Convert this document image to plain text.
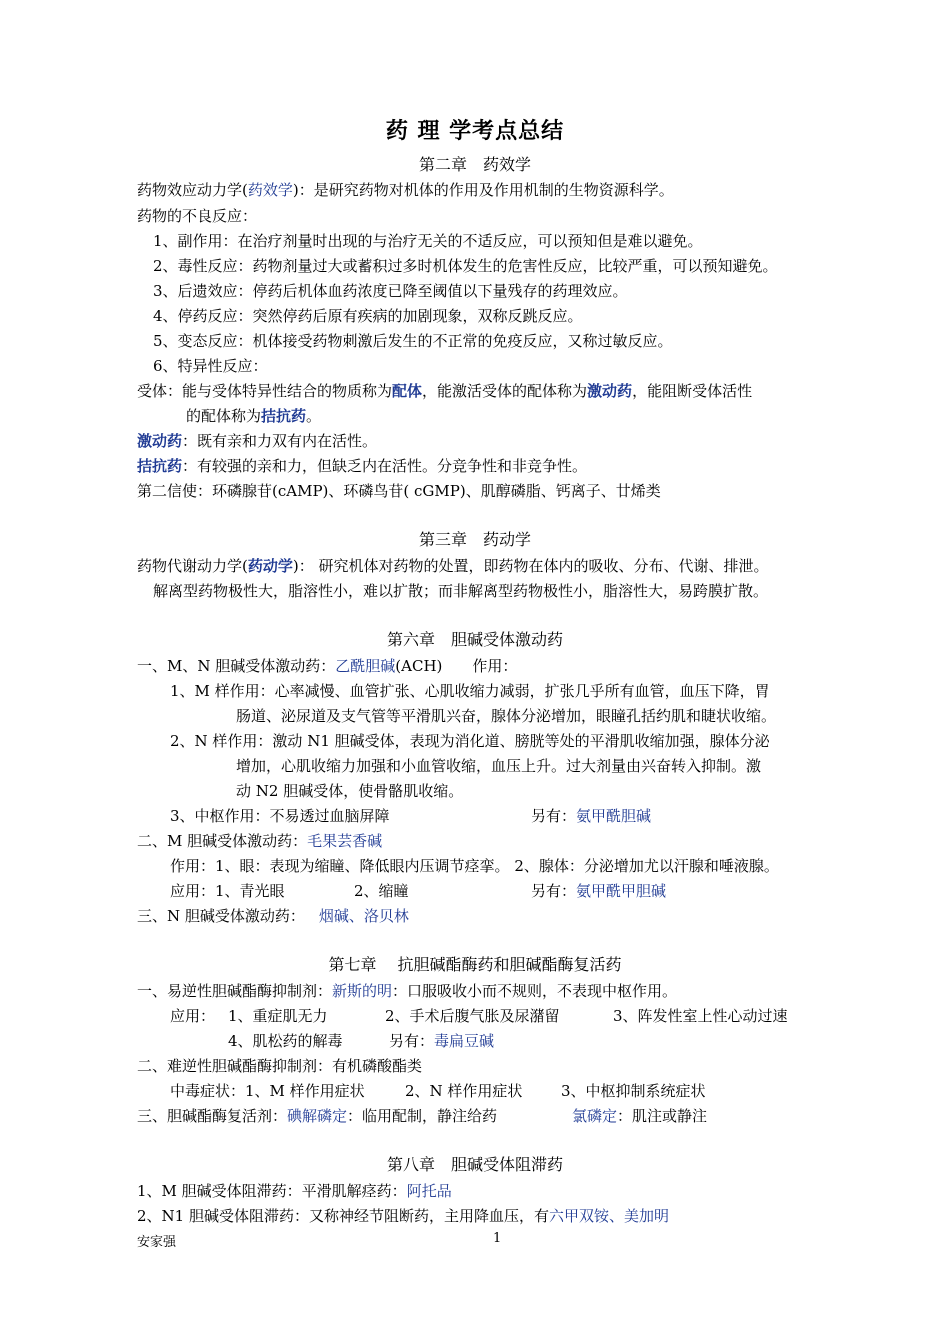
药 理 学考点总结
第二章　药效学
药物效应动力学(药效学)：是研究药物对机体的作用及作用机制的生物资源科学。
药物的不良反应：
1、副作用：在治疗剂量时出现的与治疗无关的不适反应，可以预知但是难以避免。
2、毒性反应：药物剂量过大或蓄积过多时机体发生的危害性反应，比较严重，可以预知避免。
3、后遗效应：停药后机体血药浓度已降至阈值以下量残存的药理效应。
4、停药反应：突然停药后原有疾病的加剧现象，双称反跳反应。
5、变态反应：机体接受药物刺激后发生的不正常的免疫反应，又称过敏反应。
6、特异性反应：
受体：能与受体特异性结合的物质称为配体，能激活受体的配体称为激动药，能阻断受体活性
的配体称为拮抗药。
激动药：既有亲和力双有内在活性。
拮抗药：有较强的亲和力，但缺乏内在活性。分竞争性和非竞争性。
第二信使：环磷腺苷(cAMP)、环磷鸟苷( cGMP)、肌醇磷脂、钙离子、廿烯类
第三章　药动学
药物代谢动力学(药动学)： 研究机体对药物的处置，即药物在体内的吸收、分布、代谢、排泄。
解离型药物极性大，脂溶性小，难以扩散；而非解离型药物极性小，脂溶性大，易跨膜扩散。
第六章　胆碱受体激动药
一、M、N 胆碱受体激动药：乙酰胆碱(ACH)　　作用：
1、M 样作用：心率减慢、血管扩张、心肌收缩力减弱，扩张几乎所有血管，血压下降，胃
肠道、泌尿道及支气管等平滑肌兴奋，腺体分泌增加，眼瞳孔括约肌和睫状收缩。
2、N 样作用：激动 N1 胆碱受体，表现为消化道、膀胱等处的平滑肌收缩加强，腺体分泌
增加，心肌收缩力加强和小血管收缩，血压上升。过大剂量由兴奋转入抑制。激
动 N2 胆碱受体，使骨骼肌收缩。
3、中枢作用：不易透过血脑屏障	另有：氨甲酰胆碱
二、M 胆碱受体激动药：毛果芸香碱
作用：1、眼：表现为缩瞳、降低眼内压调节痉挛。 2、腺体：分泌增加尤以汗腺和唾液腺。
应用：1、青光眼	2、缩瞳	另有：氨甲酰甲胆碱
三、N 胆碱受体激动药： 烟碱、洛贝林
第七章　 抗胆碱酯酶药和胆碱酯酶复活药
一、易逆性胆碱酯酶抑制剂：新斯的明：口服吸收小而不规则，不表现中枢作用。
应用： 1、重症肌无力	2、手术后腹气胀及尿潴留	3、阵发性室上性心动过速
4、肌松药的解毒	另有：毒扁豆碱
二、难逆性胆碱酯酶抑制剂：有机磷酸酯类
中毒症状： 1、M 样作用症状	2、N 样作用症状	3、中枢抑制系统症状
三、胆碱酯酶复活剂：碘解磷定：临用配制，静注给药	氯磷定：肌注或静注
第八章　胆碱受体阻滞药
1、M 胆碱受体阻滞药：平滑肌解痉药：阿托品
2、N1 胆碱受体阻滞药：又称神经节阻断药，主用降血压，有六甲双铵、美加明
安家强	1
